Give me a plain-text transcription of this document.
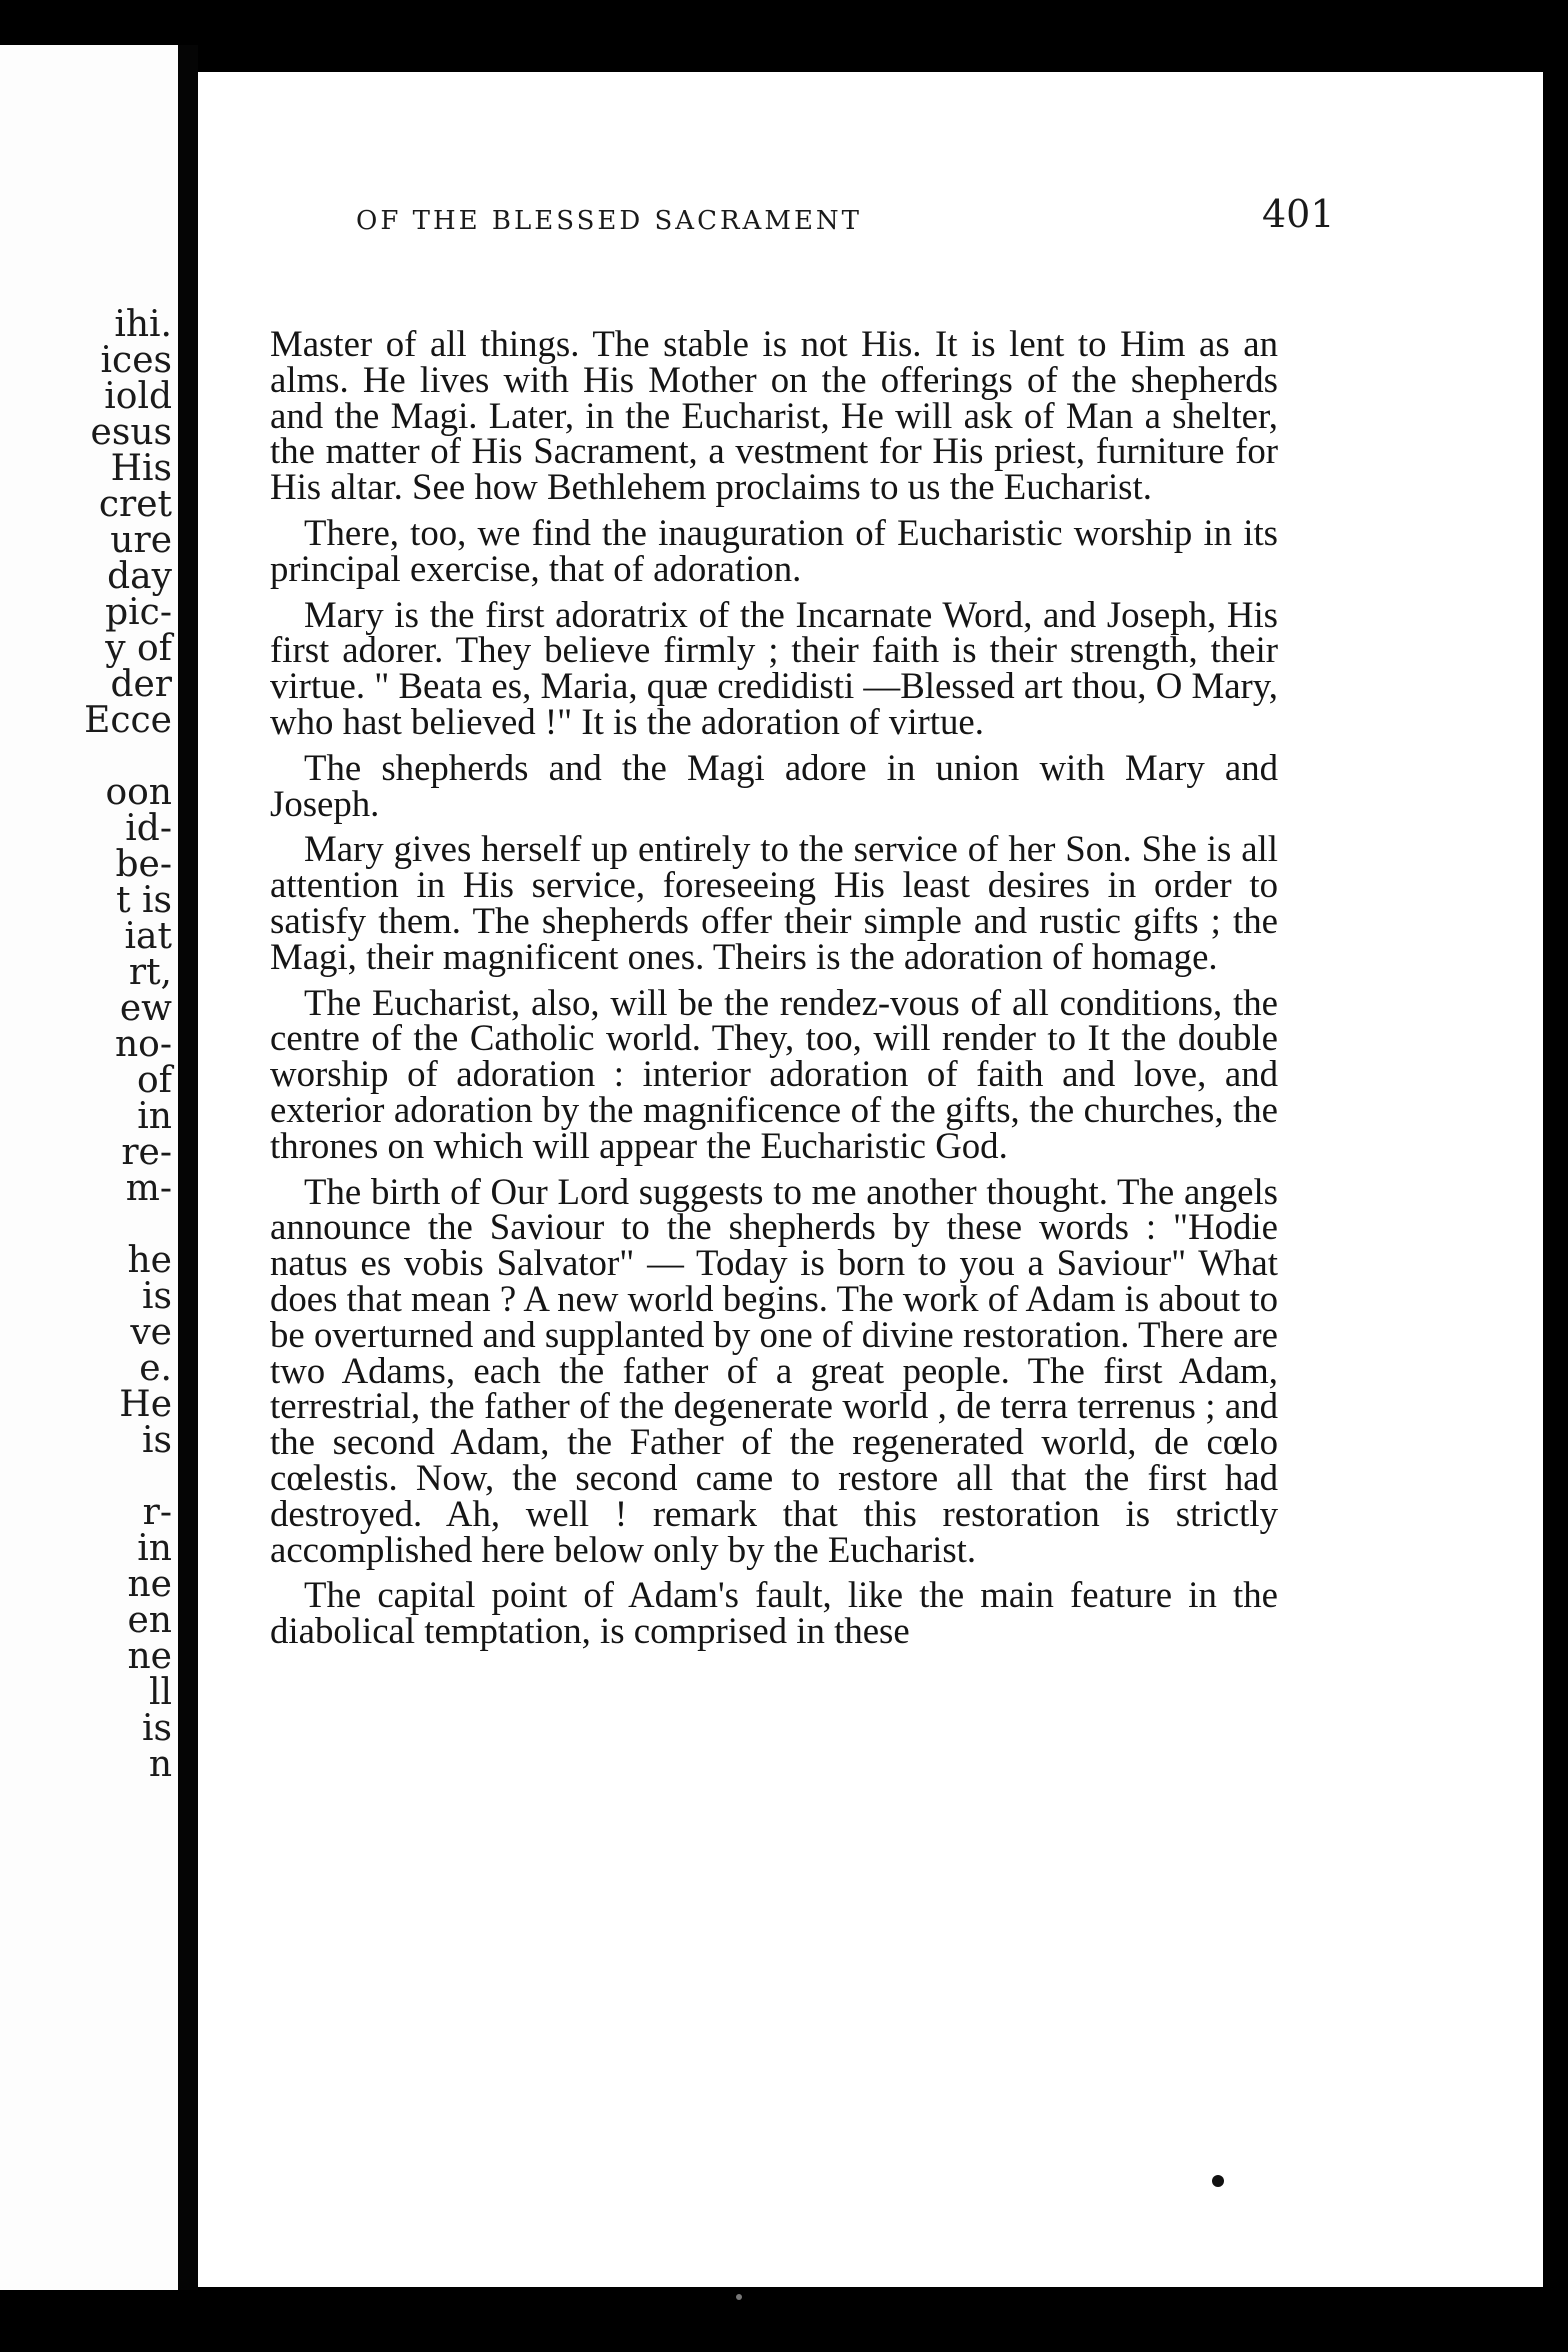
ihi.
ices
iold
esus
His
cret
ure
day
pic-
y of
der
Ecce
oon
id-
be-
t is
iat
rt,
ew
no-
of
in
re-
m-
he
is
ve
e.
He
is
r-
in
ne
en
ne
ll
is
n
OF THE BLESSED SACRAMENT	401

Master of all things. The stable is not His. It is lent to Him as an alms. He lives with His Mother on the offerings of the shepherds and the Magi. Later, in the Eucharist, He will ask of Man a shelter, the matter of His Sacrament, a vestment for His priest, furniture for His altar. See how Bethlehem proclaims to us the Eucharist.

There, too, we find the inauguration of Eucharistic worship in its principal exercise, that of adoration.

Mary is the first adoratrix of the Incarnate Word, and Joseph, His first adorer. They believe firmly ; their faith is their strength, their virtue. " Beata es, Maria, quæ credidisti —Blessed art thou, O Mary, who hast believed !" It is the adoration of virtue.

The shepherds and the Magi adore in union with Mary and Joseph.

Mary gives herself up entirely to the service of her Son. She is all attention in His service, foreseeing His least desires in order to satisfy them. The shepherds offer their simple and rustic gifts ; the Magi, their magnificent ones. Theirs is the adoration of homage.

The Eucharist, also, will be the rendez-vous of all conditions, the centre of the Catholic world. They, too, will render to It the double worship of adoration : interior adoration of faith and love, and exterior adoration by the magnificence of the gifts, the churches, the thrones on which will appear the Eucharistic God.

The birth of Our Lord suggests to me another thought. The angels announce the Saviour to the shepherds by these words : "Hodie natus es vobis Salvator" — Today is born to you a Saviour" What does that mean ? A new world begins. The work of Adam is about to be overturned and supplanted by one of divine restoration. There are two Adams, each the father of a great people. The first Adam, terrestrial, the father of the degenerate world , de terra terrenus ; and the second Adam, the Father of the regenerated world, de cœlo cœlestis. Now, the second came to restore all that the first had destroyed. Ah, well ! remark that this restoration is strictly accomplished here below only by the Eucharist.

The capital point of Adam's fault, like the main feature in the diabolical temptation, is comprised in these
